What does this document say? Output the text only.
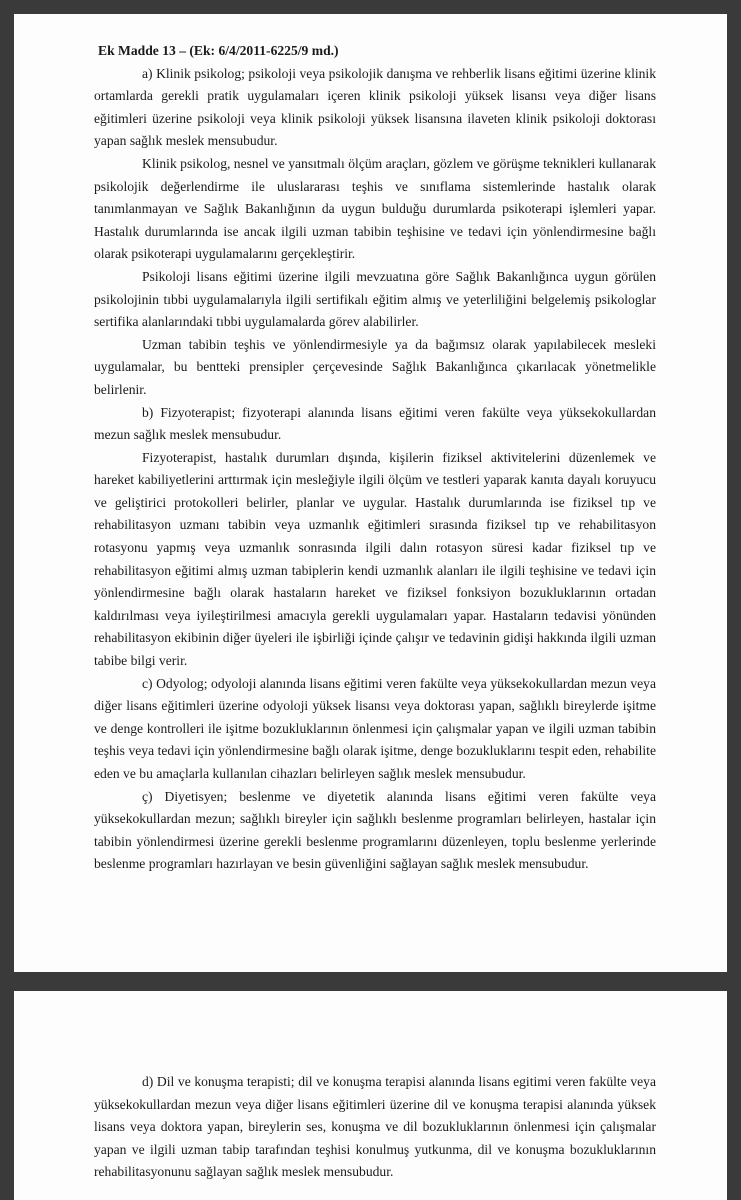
Ek Madde 13 – (Ek: 6/4/2011-6225/9 md.)

a) Klinik psikolog; psikoloji veya psikolojik danışma ve rehberlik lisans eğitimi üzerine klinik ortamlarda gerekli pratik uygulamaları içeren klinik psikoloji yüksek lisansı veya diğer lisans eğitimleri üzerine psikoloji veya klinik psikoloji yüksek lisansına ilaveten klinik psikoloji doktorası yapan sağlık meslek mensubudur.

Klinik psikolog, nesnel ve yansıtmalı ölçüm araçları, gözlem ve görüşme teknikleri kullanarak psikolojik değerlendirme ile uluslararası teşhis ve sınıflama sistemlerinde hastalık olarak tanımlanmayan ve Sağlık Bakanlığının da uygun bulduğu durumlarda psikoterapi işlemleri yapar. Hastalık durumlarında ise ancak ilgili uzman tabibin teşhisine ve tedavi için yönlendirmesine bağlı olarak psikoterapi uygulamalarını gerçekleştirir.

Psikoloji lisans eğitimi üzerine ilgili mevzuatına göre Sağlık Bakanlığınca uygun görülen psikolojinin tıbbi uygulamalarıyla ilgili sertifikalı eğitim almış ve yeterliliğini belgelemiş psikologlar sertifika alanlarındaki tıbbi uygulamalarda görev alabilirler.

Uzman tabibin teşhis ve yönlendirmesiyle ya da bağımsız olarak yapılabilecek mesleki uygulamalar, bu bentteki prensipler çerçevesinde Sağlık Bakanlığınca çıkarılacak yönetmelikle belirlenir.

b) Fizyoterapist; fizyoterapi alanında lisans eğitimi veren fakülte veya yüksekokullardan mezun sağlık meslek mensubudur.

Fizyoterapist, hastalık durumları dışında, kişilerin fiziksel aktivitelerini düzenlemek ve hareket kabiliyetlerini arttırmak için mesleğiyle ilgili ölçüm ve testleri yaparak kanıta dayalı koruyucu ve geliştirici protokolleri belirler, planlar ve uygular. Hastalık durumlarında ise fiziksel tıp ve rehabilitasyon uzmanı tabibin veya uzmanlık eğitimleri sırasında fiziksel tıp ve rehabilitasyon rotasyonu yapmış veya uzmanlık sonrasında ilgili dalın rotasyon süresi kadar fiziksel tıp ve rehabilitasyon eğitimi almış uzman tabiplerin kendi uzmanlık alanları ile ilgili teşhisine ve tedavi için yönlendirmesine bağlı olarak hastaların hareket ve fiziksel fonksiyon bozukluklarının ortadan kaldırılması veya iyileştirilmesi amacıyla gerekli uygulamaları yapar. Hastaların tedavisi yönünden rehabilitasyon ekibinin diğer üyeleri ile işbirliği içinde çalışır ve tedavinin gidişi hakkında ilgili uzman tabibe bilgi verir.

c) Odyolog; odyoloji alanında lisans eğitimi veren fakülte veya yüksekokullardan mezun veya diğer lisans eğitimleri üzerine odyoloji yüksek lisansı veya doktorası yapan, sağlıklı bireylerde işitme ve denge kontrolleri ile işitme bozukluklarının önlenmesi için çalışmalar yapan ve ilgili uzman tabibin teşhis veya tedavi için yönlendirmesine bağlı olarak işitme, denge bozukluklarını tespit eden, rehabilite eden ve bu amaçlarla kullanılan cihazları belirleyen sağlık meslek mensubudur.

ç) Diyetisyen; beslenme ve diyetetik alanında lisans eğitimi veren fakülte veya yüksekokullardan mezun; sağlıklı bireyler için sağlıklı beslenme programları belirleyen, hastalar için tabibin yönlendirmesi üzerine gerekli beslenme programlarını düzenleyen, toplu beslenme yerlerinde beslenme programları hazırlayan ve besin güvenliğini sağlayan sağlık meslek mensubudur.

d) Dil ve konuşma terapisti; dil ve konuşma terapisi alanında lisans egitimi veren fakülte veya yüksekokullardan mezun veya diğer lisans eğitimleri üzerine dil ve konuşma terapisi alanında yüksek lisans veya doktora yapan, bireylerin ses, konuşma ve dil bozukluklarının önlenmesi için çalışmalar yapan ve ilgili uzman tabip tarafından teşhisi konulmuş yutkunma, dil ve konuşma bozukluklarının rehabilitasyonunu sağlayan sağlık meslek mensubudur.
